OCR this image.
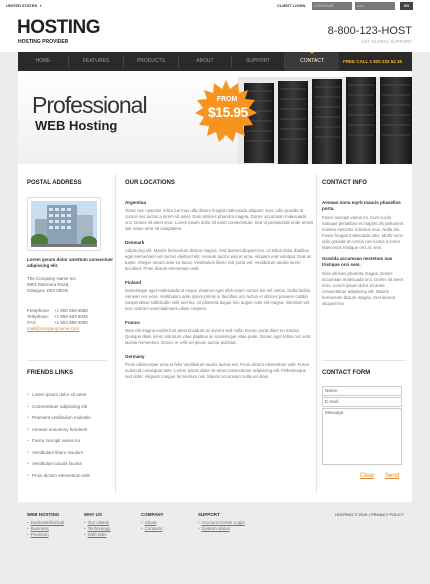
UNITED STATES ▼	CLIENT LOGIN	USERNAME	••••••	GO
HOSTING
HOSTING PROVIDER
8-800-123-HOST
24/7 GLOBAL SUPPORT
HOME	FEATURES	PRODUCTS	ABOUT	SUPPORT	CONTACT	FREE CALL 1 800 234 54 36
Professional
WEB Hosting
FROM
$15.95
POSTAL ADDRESS
Lorem ipsum dolor amettum consectuer adipiscing elit.
The Company Name Inc.
8901 Marmora Road,
Glasgow, D04 89GR.
Freephone: +1 800 559 6580
Telephone: +1 959 603 6035
FAX:	+1 504 889 9090
mail@companyname.com
FRIENDS LINKS
• Lorem ipsum dolor sit amet
• Consectetuer adipiscing elit
• Praesent vestibulum molestie
• Aenean nonummy hendrerit
• Fusce suscipit varius mi
• Vestibulum libero nisulum
• Vestibulum iaculis lacinia
• Proin dictum elementum velit
OUR LOCATIONS
Argentina
Tortor nec nascetur ridicu lus mus ulla dictum feugiat malesuada aliquam nunc odio gravida at cursus nec luctus a lorem sit amet. Duis ultricies pharetra magna. Donec accumsan malesuada orci. Donec sit amet eros. Lorem ipsum dolor sit amet consectetuer. Sed ut perspiciatis unde omnis iste natus error sit voluptatem.
Denmark
Adipiscing elit. Mauris fermentum dictum magna. Sed laoreet aliquam leo. Ut tellus dolor dapibus eget elementum vel cursus eleifend elit. Aenean auctor wisi et urna. Aliquam erat volutpat. Duis ac turpis. Integer rutrum ante eu lacus. Vestibulum libero nisl porta vel. Vestibulum iaculis lorem tincidunt. Proin dictum elementum velit.
Finland
Scelerisque eget malesuada at neque vivamus eget nibh etiam cursus leo vel metus. Nulla facilisi. Aenean nec eros. Vestibulum ante ipsum primis in faucibus orci luctus et ultrices posuere cubilia Suspendisse sollicitudin velit sed leo. Ut pharetra augue nec augue nam elit magna, interdum vel, non nostrum exercitationem ullam corporis.
France
Nam elit magna endrerit sit amet tincidunt ac viverra sed nulla. Donec porta diam eu massa. Quisque diam lorem interdum vitae dapibus ac scelerisque vitae pede. Donec eget tellus non erat lacinia fermentum. Donec in velit vel ipsum auctor pulvinar.
Germany
Proin ullamcorper urna et felis Vestibulum iaculis lacinia est. Proin dictum elementum velit. Fusce euismod consequat ante. Lorem ipsum dolor sit amet consectetuer adipiscing elit. Pellentesque sed dolor. Aliquam congue fermentum nisl. Mauris accumsan nulla vel diam.
CONTACT INFO
Aenean nonu myrit mauris phasellus porta.
Fusce suscipit varius mi. Cum sociis natoque penatibus et magnis dis parturient montes nascetur ridiculus mus. Nulla dui. Fusce feugiat malesuada odio. Morbi nunc odio gravida at cursus nec luctus a lorem. Maecenas tristique orci ac sem.
Gravida accumsan nectetum nas tristique orci sem.
Duis ultricies pharetra magna. Donec accumsan malesuada orci. Donec sit amet eros. Lorem ipsum dolor sit amet consectetuer adipiscing elit. Mauris fermentum dictum magna. Sed laoreet aliquam leo.
CONTACT FORM
Name:
E-mail:
Message:
Clear Send
WEB HOSTING
• Dedicated/virtual
• Business
• Premium
WHY US
• Our clients
• Technology
• Web tabs
COMPANY
• About
• Contacts
SUPPORT
• Account Center Login
• System status
HOSTING © 2010 • PRIVACY POLICY
